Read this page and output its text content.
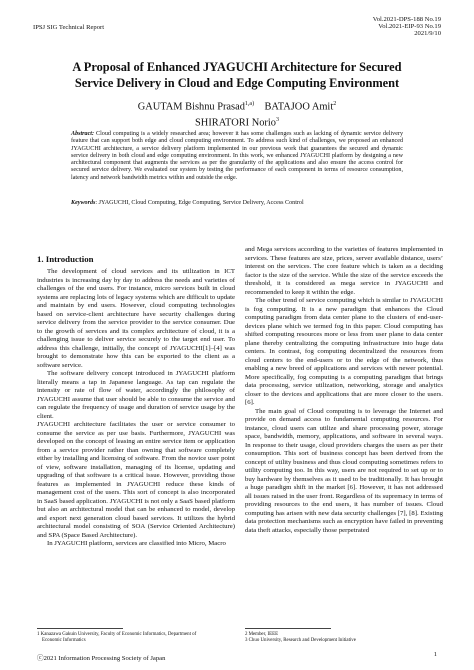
IPSJ SIG Technical Report
Vol.2021-DPS-188 No.19
Vol.2021-EIP-93 No.19
2021/9/10
A Proposal of Enhanced JYAGUCHI Architecture for Secured
Service Delivery in Cloud and Edge Computing Environment
GAUTAM Bishnu Prasad$^{1,a)}$ BATAJOO Amit$^2$
SHIRATORI Norio$^3$
Abstract: Cloud computing is a widely researched area; however it has some challenges such as lacking of dynamic service delivery feature that can support both edge and cloud computing environment. To address such kind of challenges, we proposed an enhanced JYAGUCHI architecture, a service delivery platform implemented in our previous work that guarantees the secured and dynamic service delivery in both cloud and edge computing environment. In this work, we enhanced JYAGUCHI platform by designing a new architectural component that augments the services as per the granularity of the applications and also ensure the access control for secured service delivery. We evaluated our system by testing the performance of each component in terms of resource consumption, latency and network bandwidth metrics within and outside the edge.
Keywords: JYAGUCHI, Cloud Computing, Edge Computing, Service Delivery, Access Control
1. Introduction

The development of cloud services and its utilization in ICT industries is increasing day by day to address the needs and varieties of challenges of the end users. For instance, micro services built in cloud systems are replacing lots of legacy systems which are difficult to update and maintain by end users. However, cloud computing technologies based on service-client architecture have security challenges during service delivery from the service provider to the service consumer. Due to the growth of services and its complex architecture of cloud, it is a challenging issue to deliver service securely to the target end user. To address this challenge, initially, the concept of JYAGUCHI[1]–[4] was brought to demonstrate how this can be exported to the client as a software service.

The software delivery concept introduced in JYAGUCHI platform literally means a tap in Japanese language. As tap can regulate the intensity or rate of flow of water, accordingly the philosophy of JYAGUCHI assume that user should be able to consume the service and can regulate the frequency of usage and duration of service usage by the client.

JYAGUCHI architecture facilitates the user or service consumer to consume the service as per use basis. Furthermore, JYAGUCHI was developed on the concept of leasing an entire service item or application from a service provider rather than owning that software completely either by installing and licensing of software. From the novice user point of view, software installation, managing of its license, updating and upgrading of that software is a critical issue. However, providing those features as implemented in JYAGUCHI reduce these kinds of management cost of the users. This sort of concept is also incorporated in SaaS based application. JYAGUCHI is not only a SaaS based platform but also an architectural model that can be enhanced to model, develop and export next generation cloud based services. It utilizes the hybrid architectural model consisting of SOA (Service Oriented Architecture) and SPA (Space Based Architecture).

In JYAGUCHI platform, services are classified into Micro, Macro

and Mega services according to the varieties of features implemented in services. These features are size, prices, server available distance, users’ interest on the services. The core feature which is taken as a deciding factor is the size of the service. While the size of the service exceeds the threshold, it is considered as mega service in JYAGUCHI and recommended to keep it within the edge.

The other trend of service computing which is similar to JYAGUCHI is fog computing. It is a new paradigm that enhances the Cloud computing paradigm from data center plane to the clusters of end-user-devices plane which we termed fog in this paper. Cloud computing has shifted computing resources more or less from user plane to data center plane thereby centralizing the computing infrastructure into huge data centers. In contrast, fog computing decentralized the resources from cloud centers to the end-users or to the edge of the network, thus enabling a new breed of applications and services with newer potential. More specifically, fog computing is a computing paradigm that brings data processing, service utilization, networking, storage and analytics closer to the devices and applications that are more closer to the users. [6].

The main goal of Cloud computing is to leverage the Internet and provide on demand access to fundamental computing resources. For instance, cloud users can utilize and share processing power, storage space, bandwidth, memory, applications, and software in several ways. In response to their usage, cloud providers charges the users as per their consumption. This sort of business concept has been derived from the concept of utility business and thus cloud computing sometimes refers to utility computing too. In this way, users are not required to set up or to buy hardware by themselves as it used to be traditionally. It has brought a huge paradigm shift in the market [6]. However, it has not addressed all issues raised in the user front. Regardless of its supremacy in terms of providing resources to the end users, it has number of issues. Cloud computing has arisen with new data security challenges [7], [8]. Existing data protection mechanisms such as encryption have failed in preventing data theft attacks, especially those perpetrated

1 Kanazawa Gakuin University, Faculty of Economic Informatics, Department of
Economic Informatics
2 Member, IEEE
3 Chuo University, Research and Development Initiative
ⓒ2021 Information Processing Society of Japan
1
